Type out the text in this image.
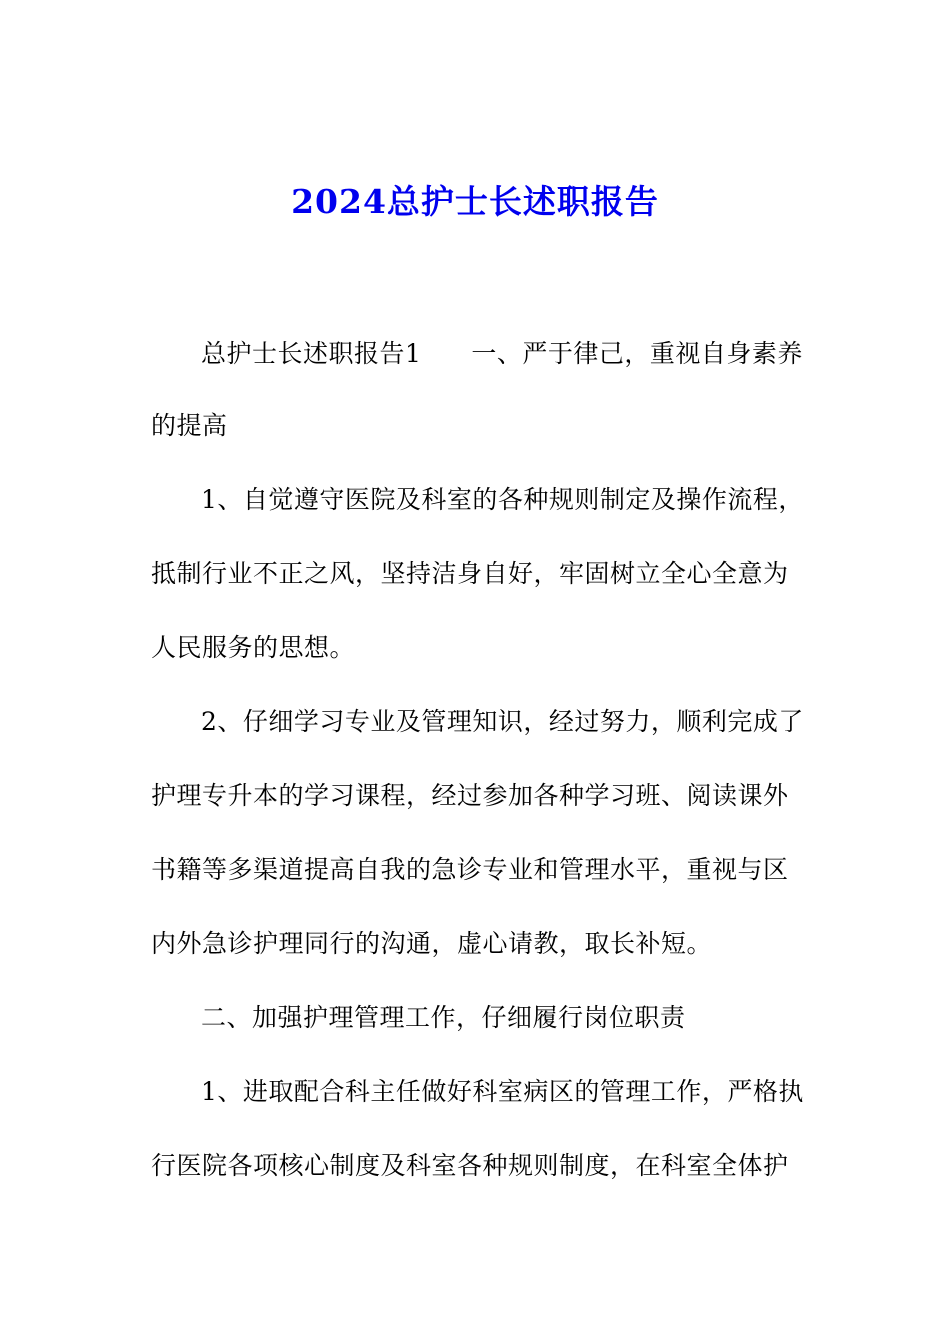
2024总护士长述职报告
总护士长述职报告1 一、严于律己，重视自身素养
的提高
1、自觉遵守医院及科室的各种规则制定及操作流程，
抵制行业不正之风，坚持洁身自好，牢固树立全心全意为
人民服务的思想。
2、仔细学习专业及管理知识，经过努力，顺利完成了
护理专升本的学习课程，经过参加各种学习班、阅读课外
书籍等多渠道提高自我的急诊专业和管理水平，重视与区
内外急诊护理同行的沟通，虚心请教，取长补短。
二、加强护理管理工作，仔细履行岗位职责
1、进取配合科主任做好科室病区的管理工作，严格执
行医院各项核心制度及科室各种规则制度，在科室全体护
